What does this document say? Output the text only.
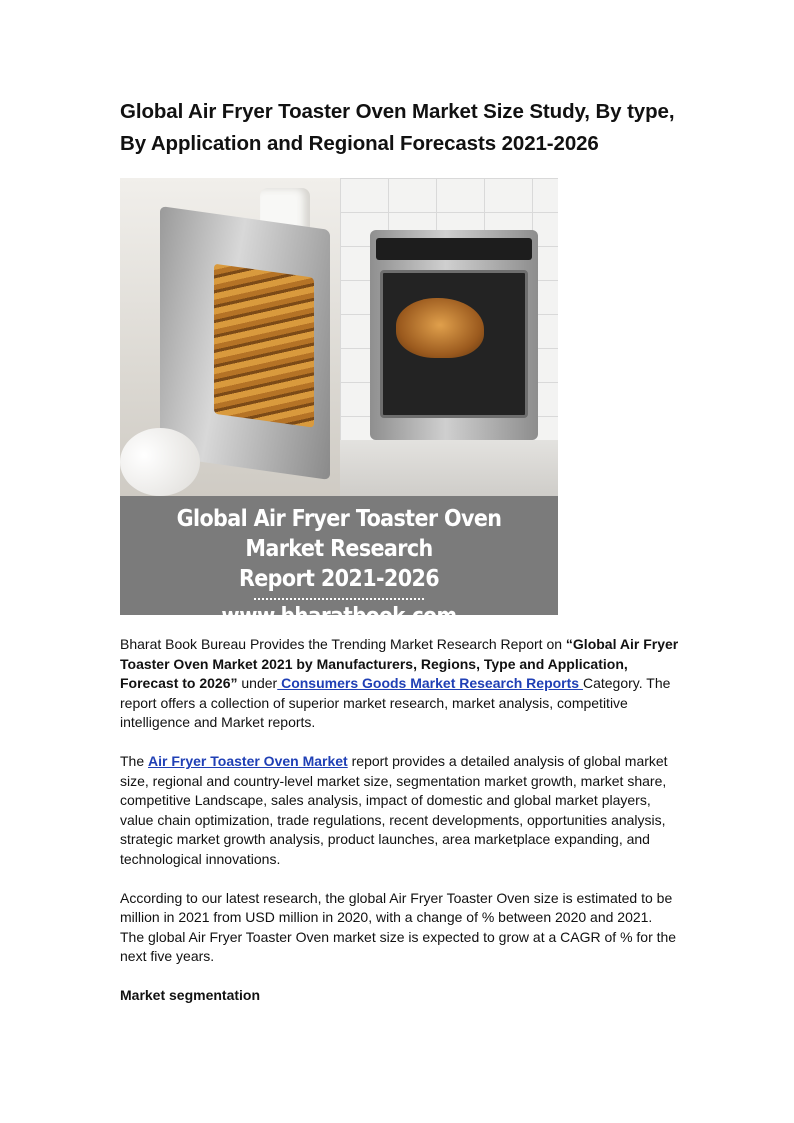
Global Air Fryer Toaster Oven Market Size Study, By type, By Application and Regional Forecasts 2021-2026
Global Air Fryer Toaster Oven Market Research
Report 2021-2026
www.bharatbook.com

Bharat Book Bureau Provides the Trending Market Research Report on “Global Air Fryer Toaster Oven Market 2021 by Manufacturers, Regions, Type and Application, Forecast to 2026” under Consumers Goods Market Research Reports Category. The report offers a collection of superior market research, market analysis, competitive intelligence and Market reports.

The Air Fryer Toaster Oven Market report provides a detailed analysis of global market size, regional and country-level market size, segmentation market growth, market share, competitive Landscape, sales analysis, impact of domestic and global market players, value chain optimization, trade regulations, recent developments, opportunities analysis, strategic market growth analysis, product launches, area marketplace expanding, and technological innovations.

According to our latest research, the global Air Fryer Toaster Oven size is estimated to be million in 2021 from USD million in 2020, with a change of % between 2020 and 2021. The global Air Fryer Toaster Oven market size is expected to grow at a CAGR of % for the next five years.

Market segmentation
